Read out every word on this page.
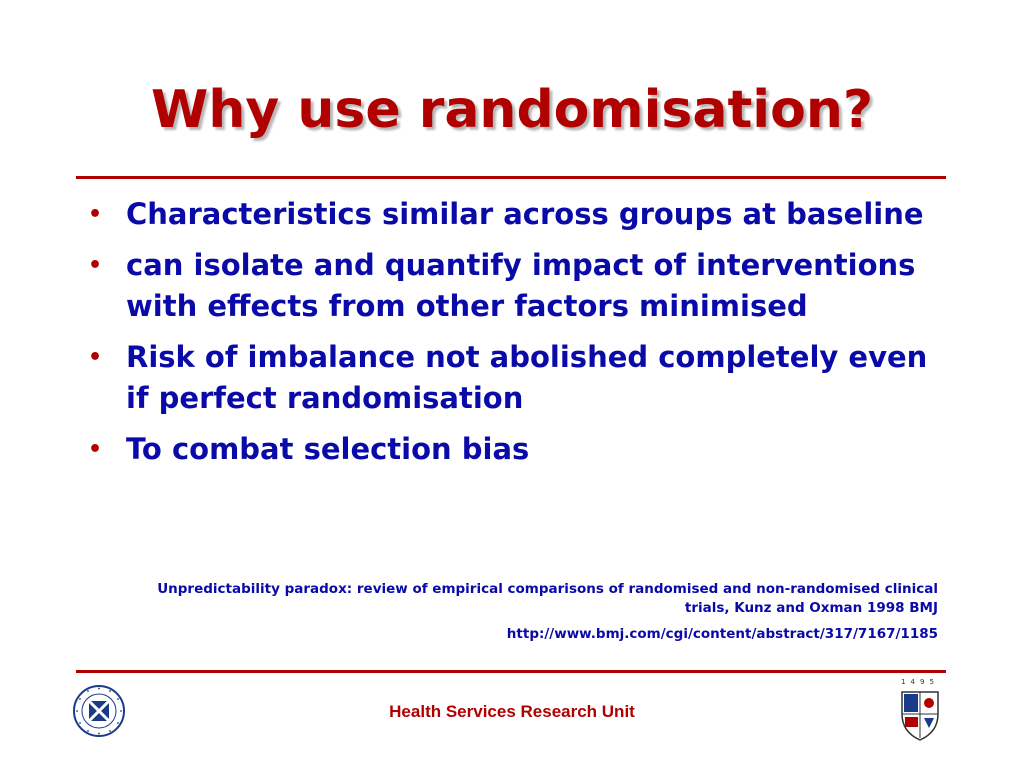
Why use randomisation?
• Characteristics similar across groups at baseline
• can isolate and quantify impact of interventions with effects from other factors minimised
• Risk of imbalance not abolished completely even if perfect randomisation
• To combat selection bias
Unpredictability paradox: review of empirical comparisons of randomised and non-randomised clinical trials, Kunz and Oxman 1998 BMJ
http://www.bmj.com/cgi/content/abstract/317/7167/1185
Health Services Research Unit
1495
